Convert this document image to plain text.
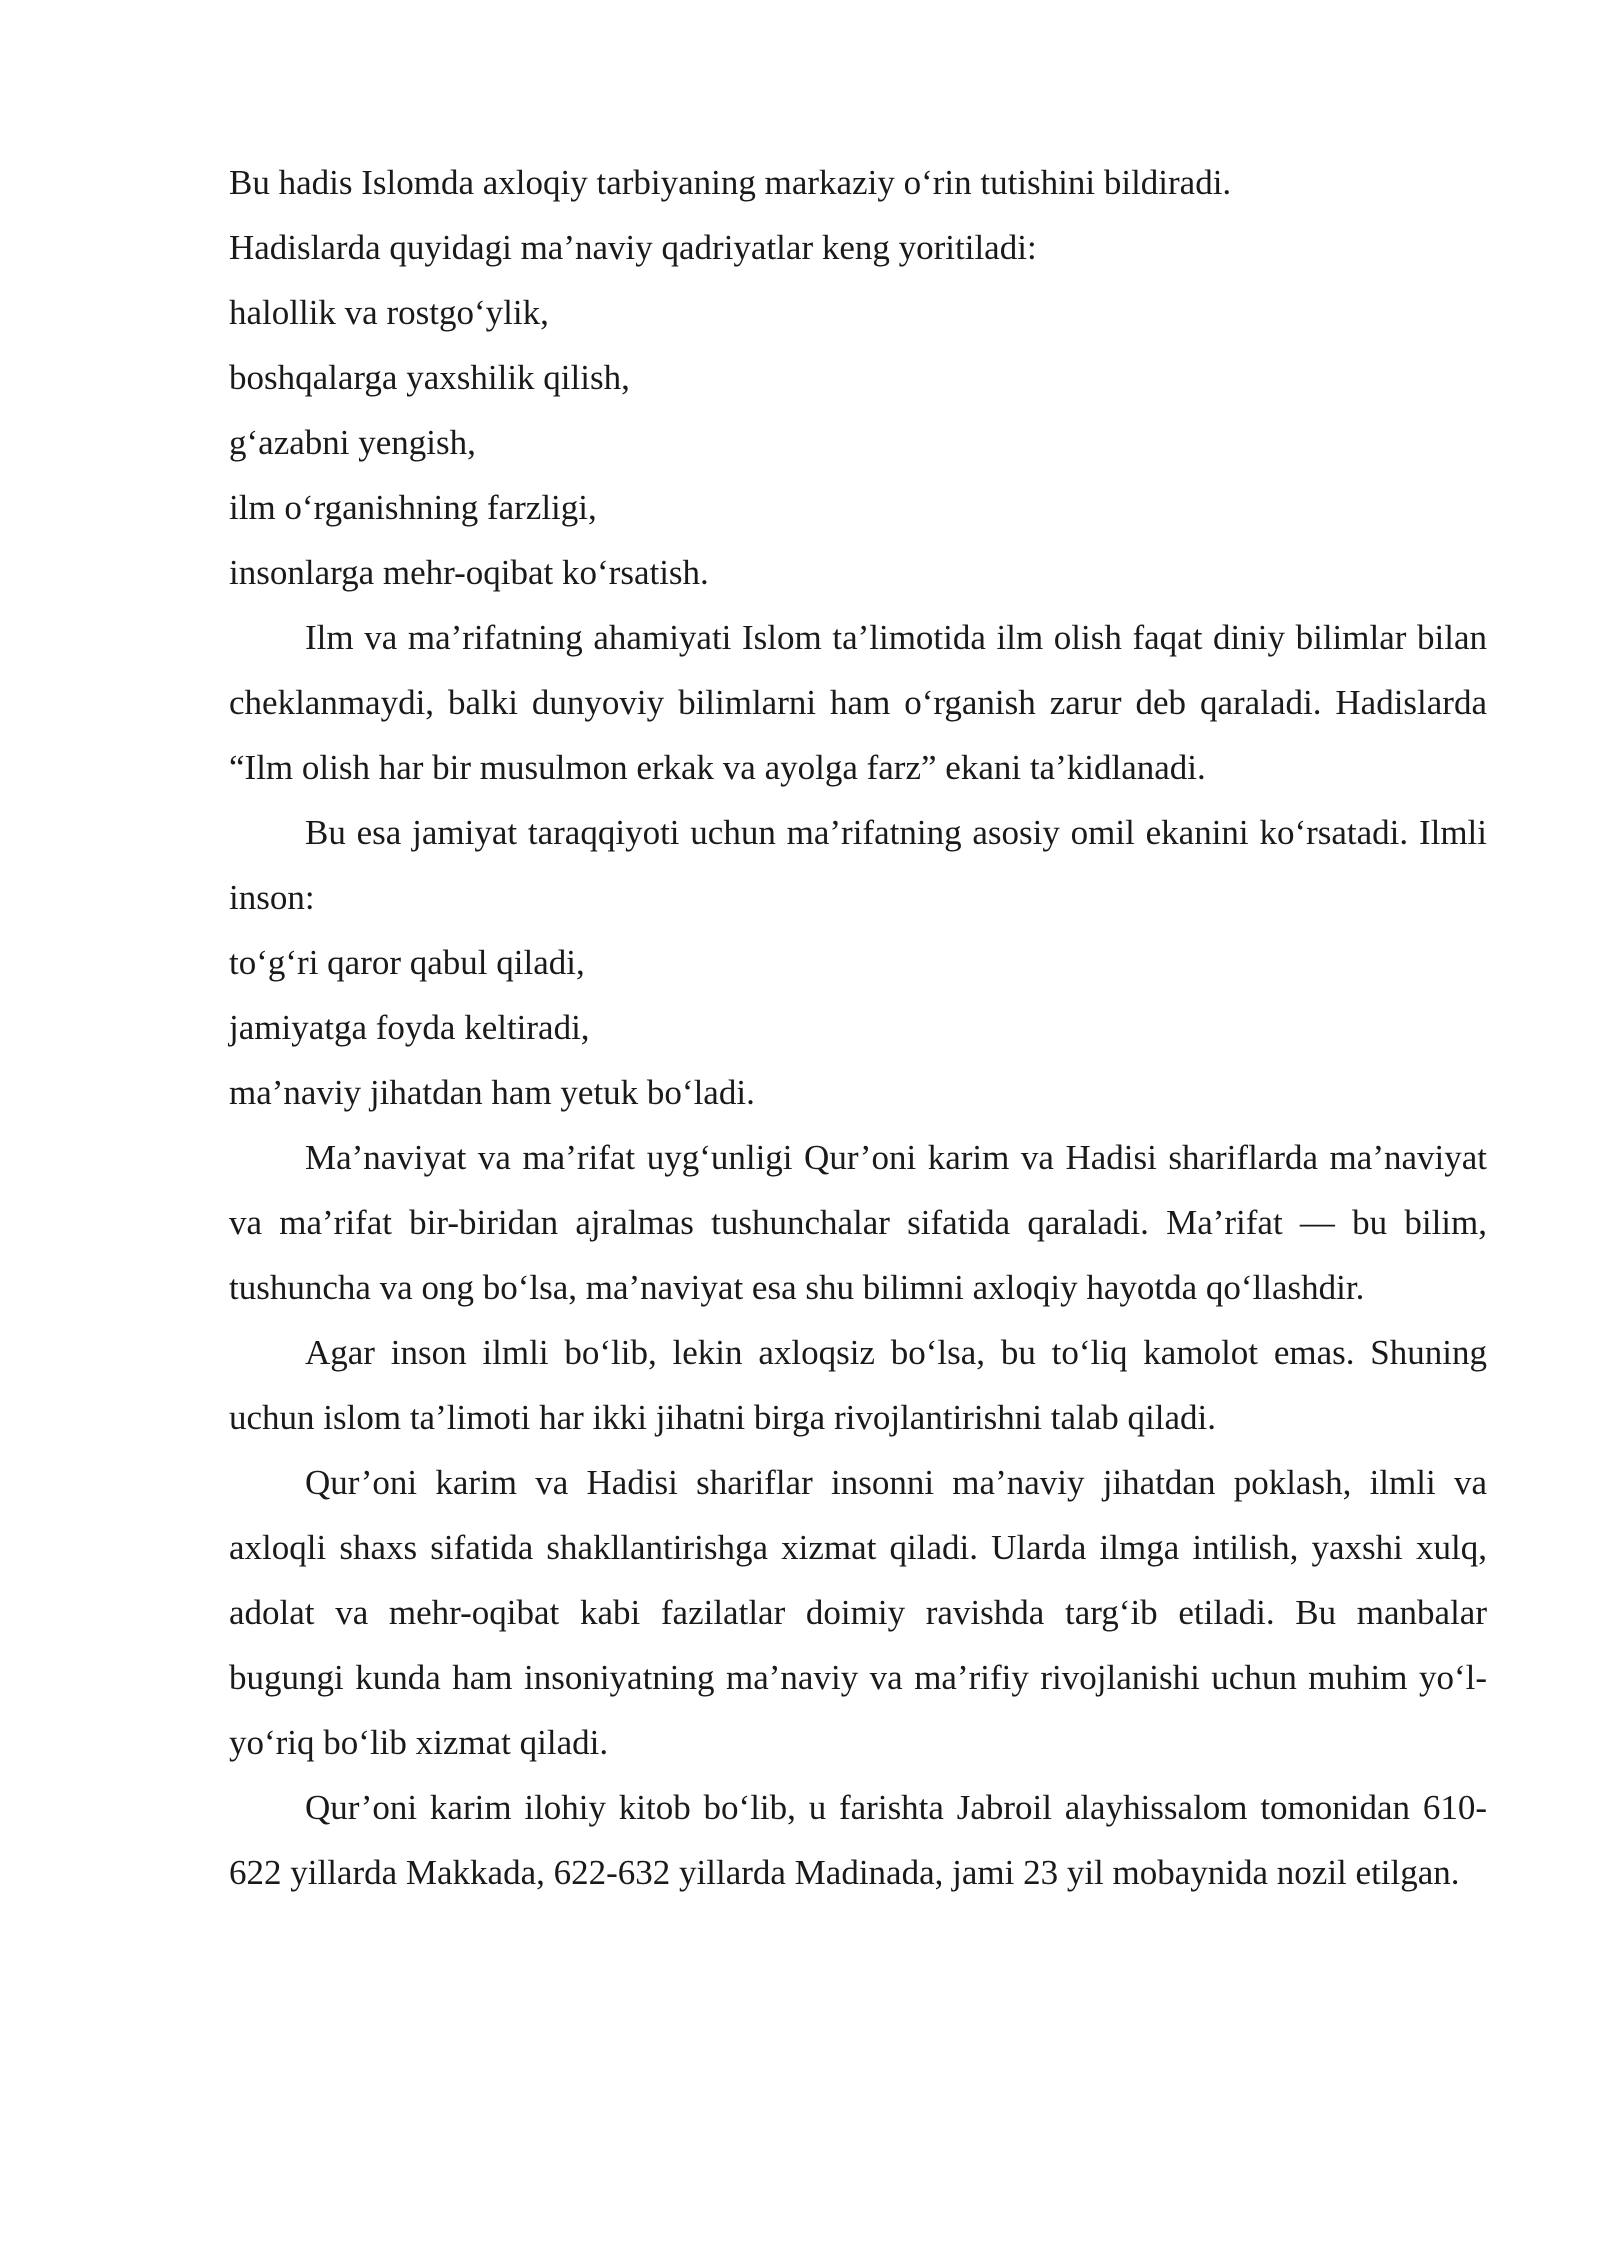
Bu hadis Islomda axloqiy tarbiyaning markaziy o‘rin tutishini bildiradi.

Hadislarda quyidagi ma’naviy qadriyatlar keng yoritiladi:

halollik va rostgo‘ylik,

boshqalarga yaxshilik qilish,

g‘azabni yengish,

ilm o‘rganishning farzligi,

insonlarga mehr-oqibat ko‘rsatish.

Ilm va ma’rifatning ahamiyati Islom ta’limotida ilm olish faqat diniy bilimlar bilan cheklanmaydi, balki dunyoviy bilimlarni ham o‘rganish zarur deb qaraladi. Hadislarda “Ilm olish har bir musulmon erkak va ayolga farz” ekani ta’kidlanadi.

Bu esa jamiyat taraqqiyoti uchun ma’rifatning asosiy omil ekanini ko‘rsatadi. Ilmli inson:

to‘g‘ri qaror qabul qiladi,

jamiyatga foyda keltiradi,

ma’naviy jihatdan ham yetuk bo‘ladi.

Ma’naviyat va ma’rifat uyg‘unligi Qur’oni karim va Hadisi shariflarda ma’naviyat va ma’rifat bir-biridan ajralmas tushunchalar sifatida qaraladi. Ma’rifat — bu bilim, tushuncha va ong bo‘lsa, ma’naviyat esa shu bilimni axloqiy hayotda qo‘llashdir.

Agar inson ilmli bo‘lib, lekin axloqsiz bo‘lsa, bu to‘liq kamolot emas. Shuning uchun islom ta’limoti har ikki jihatni birga rivojlantirishni talab qiladi.

Qur’oni karim va Hadisi shariflar insonni ma’naviy jihatdan poklash, ilmli va axloqli shaxs sifatida shakllantirishga xizmat qiladi. Ularda ilmga intilish, yaxshi xulq, adolat va mehr-oqibat kabi fazilatlar doimiy ravishda targ‘ib etiladi. Bu manbalar bugungi kunda ham insoniyatning ma’naviy va ma’rifiy rivojlanishi uchun muhim yo‘l-yo‘riq bo‘lib xizmat qiladi.

Qur’oni karim ilohiy kitob bo‘lib, u farishta Jabroil alayhissalom tomonidan 610-622 yillarda Makkada, 622-632 yillarda Madinada, jami 23 yil mobaynida nozil etilgan.
